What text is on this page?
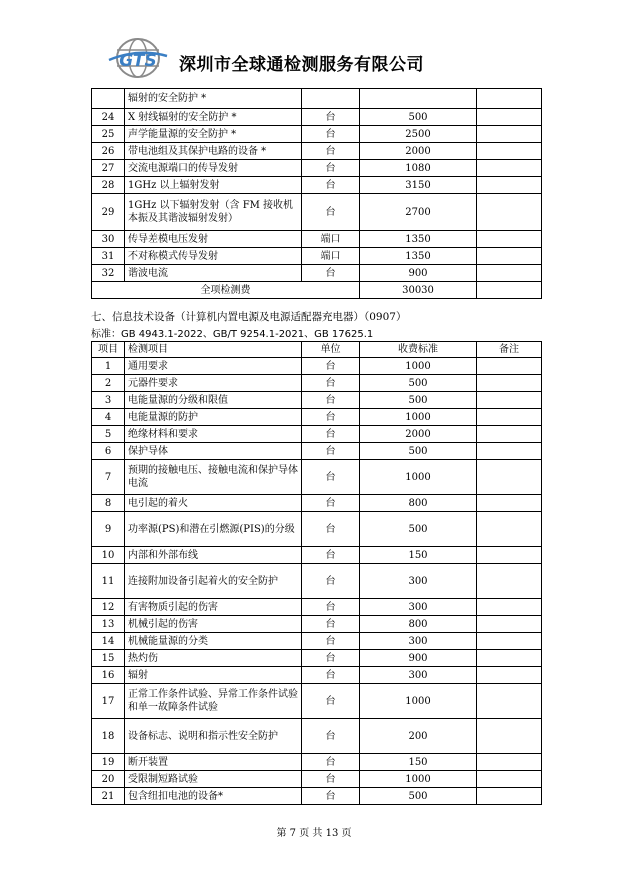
GTS 深圳市全球通检测服务有限公司
	辐射的安全防护 *			
24	X 射线辐射的安全防护 *	台	500	
25	声学能量源的安全防护 *	台	2500	
26	带电池组及其保护电路的设备 *	台	2000	
27	交流电源端口的传导发射	台	1080	
28	1GHz 以上辐射发射	台	3150	
29	1GHz 以下辐射发射（含 FM 接收机本振及其谐波辐射发射）	台	2700	
30	传导差模电压发射	端口	1350	
31	不对称模式传导发射	端口	1350	
32	谐波电流	台	900	
全项检测费			30030	
七、信息技术设备（计算机内置电源及电源适配器充电器）（0907）
标准：GB 4943.1-2022、GB/T 9254.1-2021、GB 17625.1
项目	检测项目	单位	收费标准	备注
1	通用要求	台	1000	
2	元器件要求	台	500	
3	电能量源的分级和限值	台	500	
4	电能量源的防护	台	1000	
5	绝缘材料和要求	台	2000	
6	保护导体	台	500	
7	预期的接触电压、接触电流和保护导体电流	台	1000	
8	电引起的着火	台	800	
9	功率源(PS)和潜在引燃源(PIS)的分级	台	500	
10	内部和外部布线	台	150	
11	连接附加设备引起着火的安全防护	台	300	
12	有害物质引起的伤害	台	300	
13	机械引起的伤害	台	800	
14	机械能量源的分类	台	300	
15	热灼伤	台	900	
16	辐射	台	300	
17	正常工作条件试验、异常工作条件试验和单一故障条件试验	台	1000	
18	设备标志、说明和指示性安全防护	台	200	
19	断开装置	台	150	
20	受限制短路试验	台	1000	
21	包含纽扣电池的设备*	台	500	
第 7 页 共 13 页
